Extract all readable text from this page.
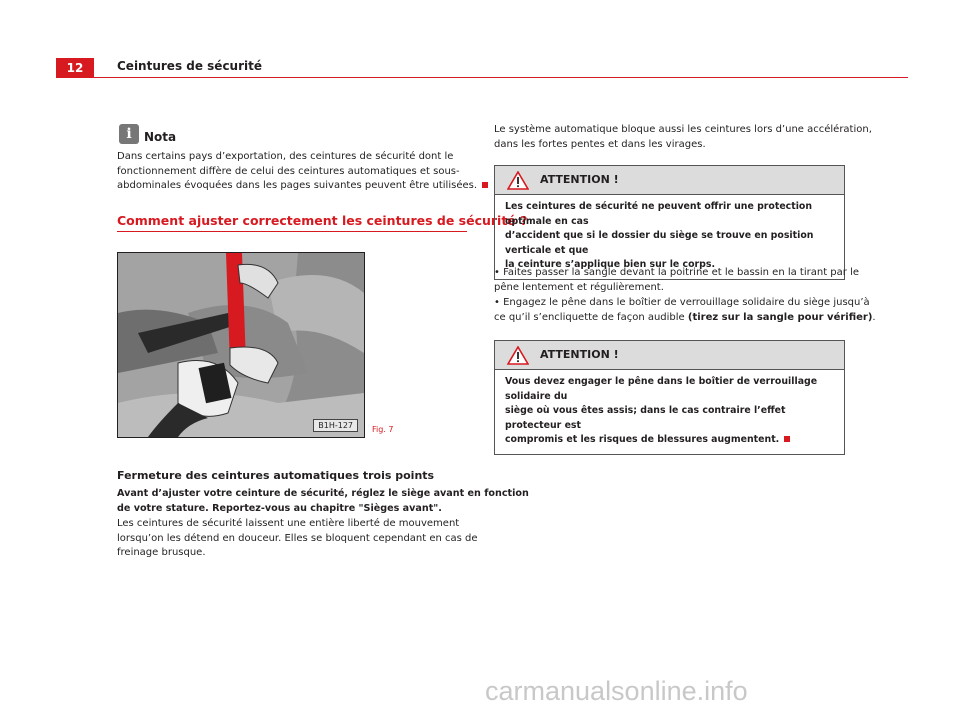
12	Ceintures de sécurité
i	Nota
Dans certains pays d’exportation, des ceintures de sécurité dont le
fonctionnement diffère de celui des ceintures automatiques et sous-
abdominales évoquées dans les pages suivantes peuvent être utilisées.
Comment ajuster correctement les ceintures de sécurité ?
B1H-127	Fig. 7
Fermeture des ceintures automatiques trois points
Avant d’ajuster votre ceinture de sécurité, réglez le siège avant en fonction
de votre stature. Reportez-vous au chapitre "Sièges avant".
Les ceintures de sécurité laissent une entière liberté de mouvement
lorsqu’on les détend en douceur. Elles se bloquent cependant en cas de
freinage brusque.
Le système automatique bloque aussi les ceintures lors d’une accélération,
dans les fortes pentes et dans les virages.
ATTENTION !
Les ceintures de sécurité ne peuvent offrir une protection optimale en cas
d’accident que si le dossier du siège se trouve en position verticale et que
la ceinture s’applique bien sur le corps.
• Faites passer la sangle devant la poitrine et le bassin en la tirant par le
pêne lentement et régulièrement.
• Engagez le pêne dans le boîtier de verrouillage solidaire du siège jusqu’à
ce qu’il s’encliquette de façon audible (tirez sur la sangle pour vérifier).
ATTENTION !
Vous devez engager le pêne dans le boîtier de verrouillage solidaire du
siège où vous êtes assis; dans le cas contraire l’effet protecteur est
compromis et les risques de blessures augmentent.
carmanualsonline.info
